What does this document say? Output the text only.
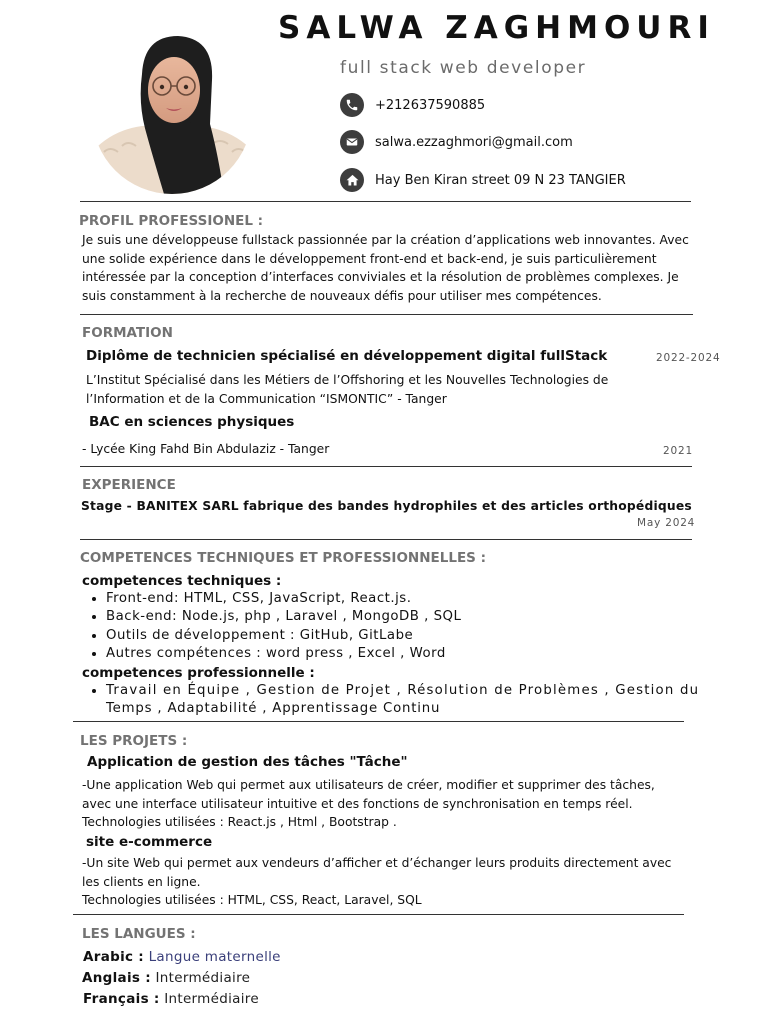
SALWA ZAGHMOURI
full stack web developer
+212637590885
salwa.ezzaghmori@gmail.com
Hay Ben Kiran street 09 N 23 TANGIER
PROFIL PROFESSIONEL :
Je suis une développeuse fullstack passionnée par la création d’applications web innovantes. Avec
une solide expérience dans le développement front-end et back-end, je suis particulièrement
intéressée par la conception d’interfaces conviviales et la résolution de problèmes complexes. Je
suis constamment à la recherche de nouveaux défis pour utiliser mes compétences.
FORMATION
Diplôme de technicien spécialisé en développement digital fullStack	2022-2024
L’Institut Spécialisé dans les Métiers de l’Offshoring et les Nouvelles Technologies de
l’Information et de la Communication “ISMONTIC” - Tanger
BAC en sciences physiques
- Lycée King Fahd Bin Abdulaziz - Tanger	2021
EXPERIENCE
Stage - BANITEX SARL fabrique des bandes hydrophiles et des articles orthopédiques
May 2024
COMPETENCES TECHNIQUES ET PROFESSIONNELLES :
competences techniques :
• Front-end: HTML, CSS, JavaScript, React.js.
• Back-end: Node.js, php , Laravel , MongoDB , SQL
• Outils de développement : GitHub, GitLabe
• Autres compétences : word press , Excel , Word
competences professionnelle :
• Travail en Équipe , Gestion de Projet , Résolution de Problèmes , Gestion du
Temps , Adaptabilité , Apprentissage Continu
LES PROJETS :
Application de gestion des tâches "Tâche"
-Une application Web qui permet aux utilisateurs de créer, modifier et supprimer des tâches,
avec une interface utilisateur intuitive et des fonctions de synchronisation en temps réel.
Technologies utilisées : React.js , Html , Bootstrap .
site e-commerce
-Un site Web qui permet aux vendeurs d’afficher et d’échanger leurs produits directement avec
les clients en ligne.
Technologies utilisées : HTML, CSS, React, Laravel, SQL
LES LANGUES :
Arabic : Langue maternelle
Anglais : Intermédiaire
Français : Intermédiaire
